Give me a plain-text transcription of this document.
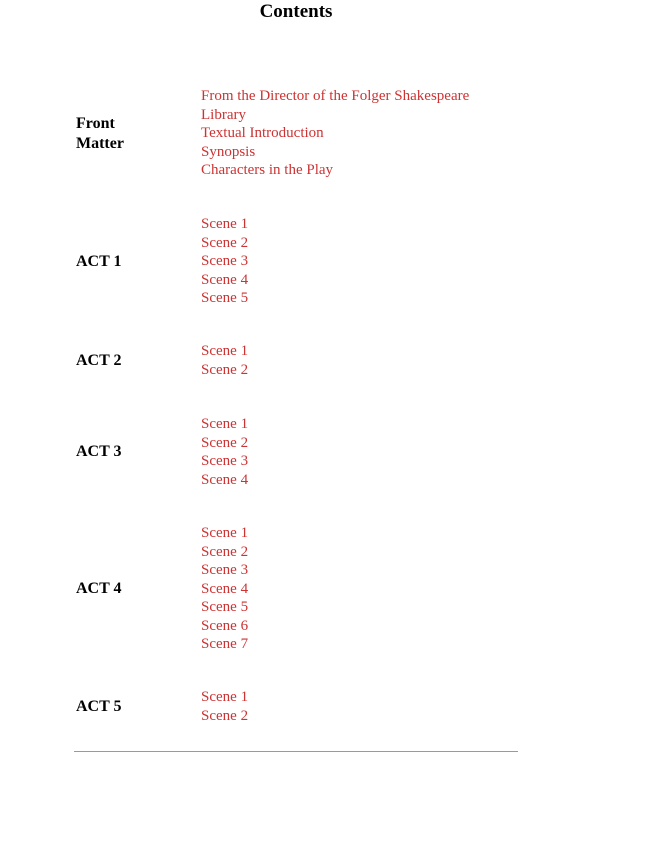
Contents
Front Matter
From the Director of the Folger Shakespeare Library
Textual Introduction
Synopsis
Characters in the Play
ACT 1
Scene 1
Scene 2
Scene 3
Scene 4
Scene 5
ACT 2
Scene 1
Scene 2
ACT 3
Scene 1
Scene 2
Scene 3
Scene 4
ACT 4
Scene 1
Scene 2
Scene 3
Scene 4
Scene 5
Scene 6
Scene 7
ACT 5
Scene 1
Scene 2
